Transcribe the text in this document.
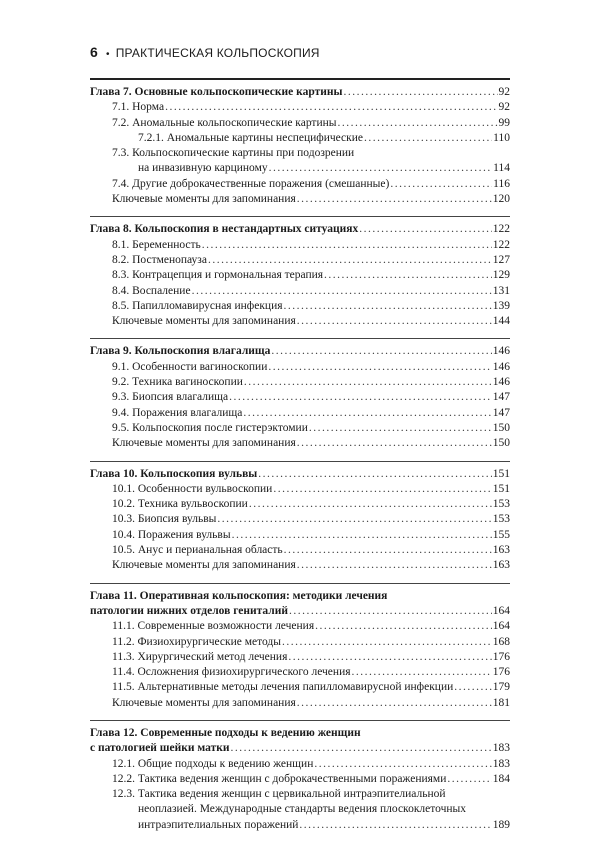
6 • ПРАКТИЧЕСКАЯ КОЛЬПОСКОПИЯ
Глава 7. Основные кольпоскопические картины .....	92
7.1. Норма .....	92
7.2. Аномальные кольпоскопические картины .....	99
7.2.1. Аномальные картины неспецифические .....	110
7.3. Кольпоскопические картины при подозрении
на инвазивную карциному .....	114
7.4. Другие доброкачественные поражения (смешанные) .....	116
Ключевые моменты для запоминания .....	120
Глава 8. Кольпоскопия в нестандартных ситуациях .....	122
8.1. Беременность .....	122
8.2. Постменопауза .....	127
8.3. Контрацепция и гормональная терапия .....	129
8.4. Воспаление .....	131
8.5. Папилломавирусная инфекция .....	139
Ключевые моменты для запоминания .....	144
Глава 9. Кольпоскопия влагалища .....	146
9.1. Особенности вагиноскопии .....	146
9.2. Техника вагиноскопии .....	146
9.3. Биопсия влагалища .....	147
9.4. Поражения влагалища .....	147
9.5. Кольпоскопия после гистерэктомии .....	150
Ключевые моменты для запоминания .....	150
Глава 10. Кольпоскопия вульвы .....	151
10.1. Особенности вульвоскопии .....	151
10.2. Техника вульвоскопии .....	153
10.3. Биопсия вульвы .....	153
10.4. Поражения вульвы .....	155
10.5. Анус и перианальная область .....	163
Ключевые моменты для запоминания .....	163
Глава 11. Оперативная кольпоскопия: методики лечения
патологии нижних отделов гениталий .....	164
11.1. Современные возможности лечения .....	164
11.2. Физиохирургические методы .....	168
11.3. Хирургический метод лечения .....	176
11.4. Осложнения физиохирургического лечения .....	176
11.5. Альтернативные методы лечения папилломавирусной инфекции .....	179
Ключевые моменты для запоминания .....	181
Глава 12. Современные подходы к ведению женщин
с патологией шейки матки .....	183
12.1. Общие подходы к ведению женщин .....	183
12.2. Тактика ведения женщин с доброкачественными поражениями .....	184
12.3. Тактика ведения женщин с цервикальной интраэпителиальной
неоплазией. Международные стандарты ведения плоскоклеточных
интраэпителиальных поражений .....	189
